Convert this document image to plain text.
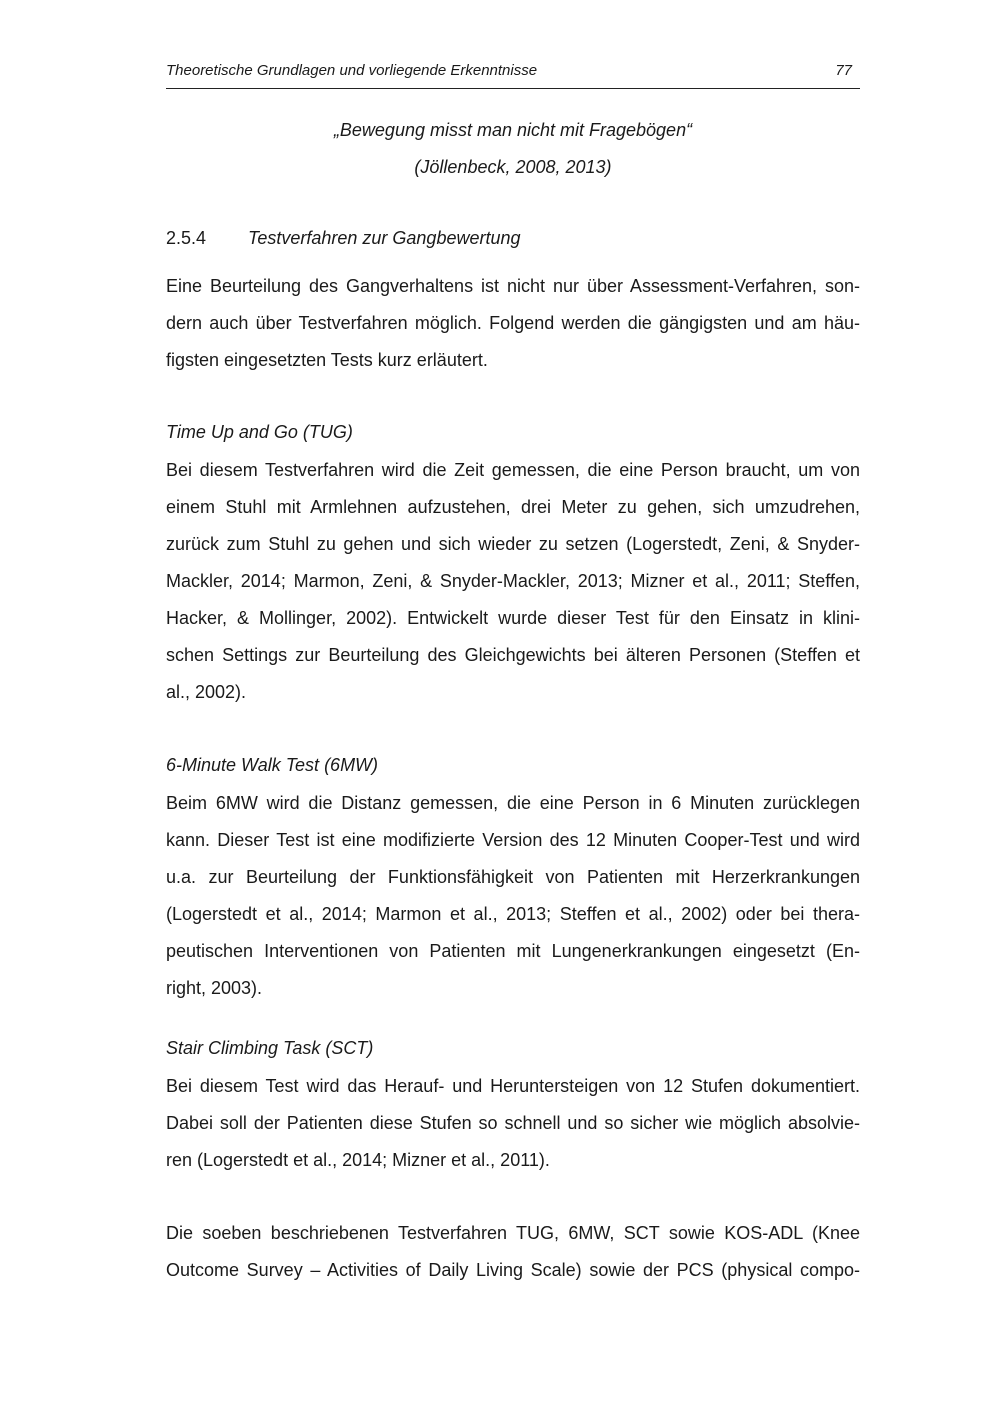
Theoretische Grundlagen und vorliegende Erkenntnisse	77
„Bewegung misst man nicht mit Fragebögen“
(Jöllenbeck, 2008, 2013)
2.5.4 Testverfahren zur Gangbewertung

Eine Beurteilung des Gangverhaltens ist nicht nur über Assessment-Verfahren, son-
dern auch über Testverfahren möglich. Folgend werden die gängigsten und am häu-
figsten eingesetzten Tests kurz erläutert.

Time Up and Go (TUG)

Bei diesem Testverfahren wird die Zeit gemessen, die eine Person braucht, um von
einem Stuhl mit Armlehnen aufzustehen, drei Meter zu gehen, sich umzudrehen,
zurück zum Stuhl zu gehen und sich wieder zu setzen (Logerstedt, Zeni, & Snyder-
Mackler, 2014; Marmon, Zeni, & Snyder-Mackler, 2013; Mizner et al., 2011; Steffen,
Hacker, & Mollinger, 2002). Entwickelt wurde dieser Test für den Einsatz in klini-
schen Settings zur Beurteilung des Gleichgewichts bei älteren Personen (Steffen et
al., 2002).

6-Minute Walk Test (6MW)

Beim 6MW wird die Distanz gemessen, die eine Person in 6 Minuten zurücklegen
kann. Dieser Test ist eine modifizierte Version des 12 Minuten Cooper-Test und wird
u.a. zur Beurteilung der Funktionsfähigkeit von Patienten mit Herzerkrankungen
(Logerstedt et al., 2014; Marmon et al., 2013; Steffen et al., 2002) oder bei thera-
peutischen Interventionen von Patienten mit Lungenerkrankungen eingesetzt (En-
right, 2003).

Stair Climbing Task (SCT)

Bei diesem Test wird das Herauf- und Heruntersteigen von 12 Stufen dokumentiert.
Dabei soll der Patienten diese Stufen so schnell und so sicher wie möglich absolvie-
ren (Logerstedt et al., 2014; Mizner et al., 2011).

Die soeben beschriebenen Testverfahren TUG, 6MW, SCT sowie KOS-ADL (Knee
Outcome Survey – Activities of Daily Living Scale) sowie der PCS (physical compo-
